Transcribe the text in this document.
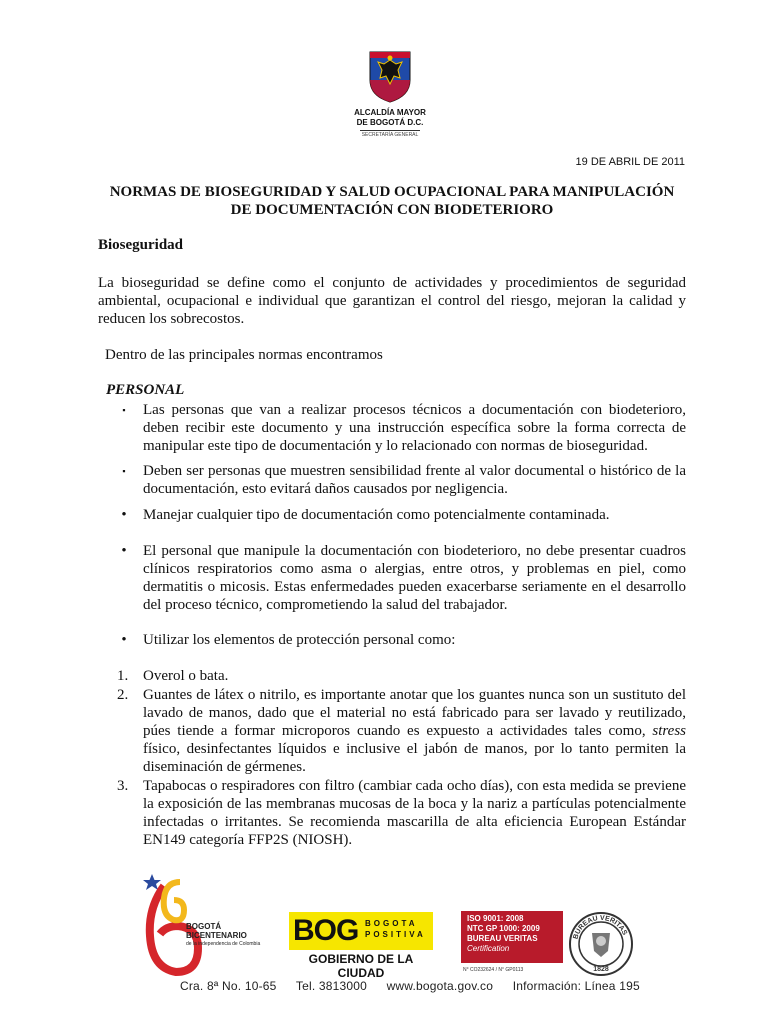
ALCALDÍA MAYOR
DE BOGOTÁ D.C.
SECRETARÍA GENERAL
19 DE ABRIL DE 2011
NORMAS DE BIOSEGURIDAD Y SALUD OCUPACIONAL PARA MANIPULACIÓN DE DOCUMENTACIÓN CON BIODETERIORO
Bioseguridad
La bioseguridad se define como el conjunto de actividades y procedimientos de seguridad ambiental, ocupacional e individual que garantizan el control del riesgo, mejoran la calidad y reducen los sobrecostos.
Dentro de las principales normas encontramos
PERSONAL
▪	Las personas que van a realizar procesos técnicos a documentación con biodeterioro, deben recibir este documento y una instrucción específica sobre la forma correcta de manipular este tipo de documentación y lo relacionado con normas de bioseguridad.
▪	Deben ser personas que muestren sensibilidad frente al valor documental o histórico de la documentación, esto evitará daños causados por negligencia.
• Manejar cualquier tipo de documentación como potencialmente contaminada.
• El personal que manipule la documentación con biodeterioro, no debe presentar cuadros clínicos respiratorios como asma o alergias, entre otros, y problemas en piel, como dermatitis o micosis. Estas enfermedades pueden exacerbarse seriamente en el desarrollo del proceso técnico, comprometiendo la salud del trabajador.
• Utilizar los elementos de protección personal como:
1. Overol o bata.
2. Guantes de látex o nitrilo, es importante anotar que los guantes nunca son un sustituto del lavado de manos, dado que el material no está fabricado para ser lavado y reutilizado, púes tiende a formar microporos cuando es expuesto a actividades tales como, stress físico, desinfectantes líquidos e inclusive el jabón de manos, por lo tanto permiten la diseminación de gérmenes.
3. Tapabocas o respiradores con filtro (cambiar cada ocho días), con esta medida se previene la exposición de las membranas mucosas de la boca y la nariz a partículas potencialmente infectadas o irritantes. Se recomienda mascarilla de alta eficiencia European Estándar EN149 categoría FFP2S (NIOSH).
BOGOTÁ
BICENTENARIO
de la independencia de Colombia BOG BOGOTA
POSITIVA
GOBIERNO DE LA CIUDAD
ISO 9001: 2008
NTC GP 1000: 2009
BUREAU VERITAS
Certification
N° CO232624 / N° GP0113
BUREAU VERITAS
1828
Cra. 8ª No. 10-65 Tel. 3813000 www.bogota.gov.co Información: Línea 195
